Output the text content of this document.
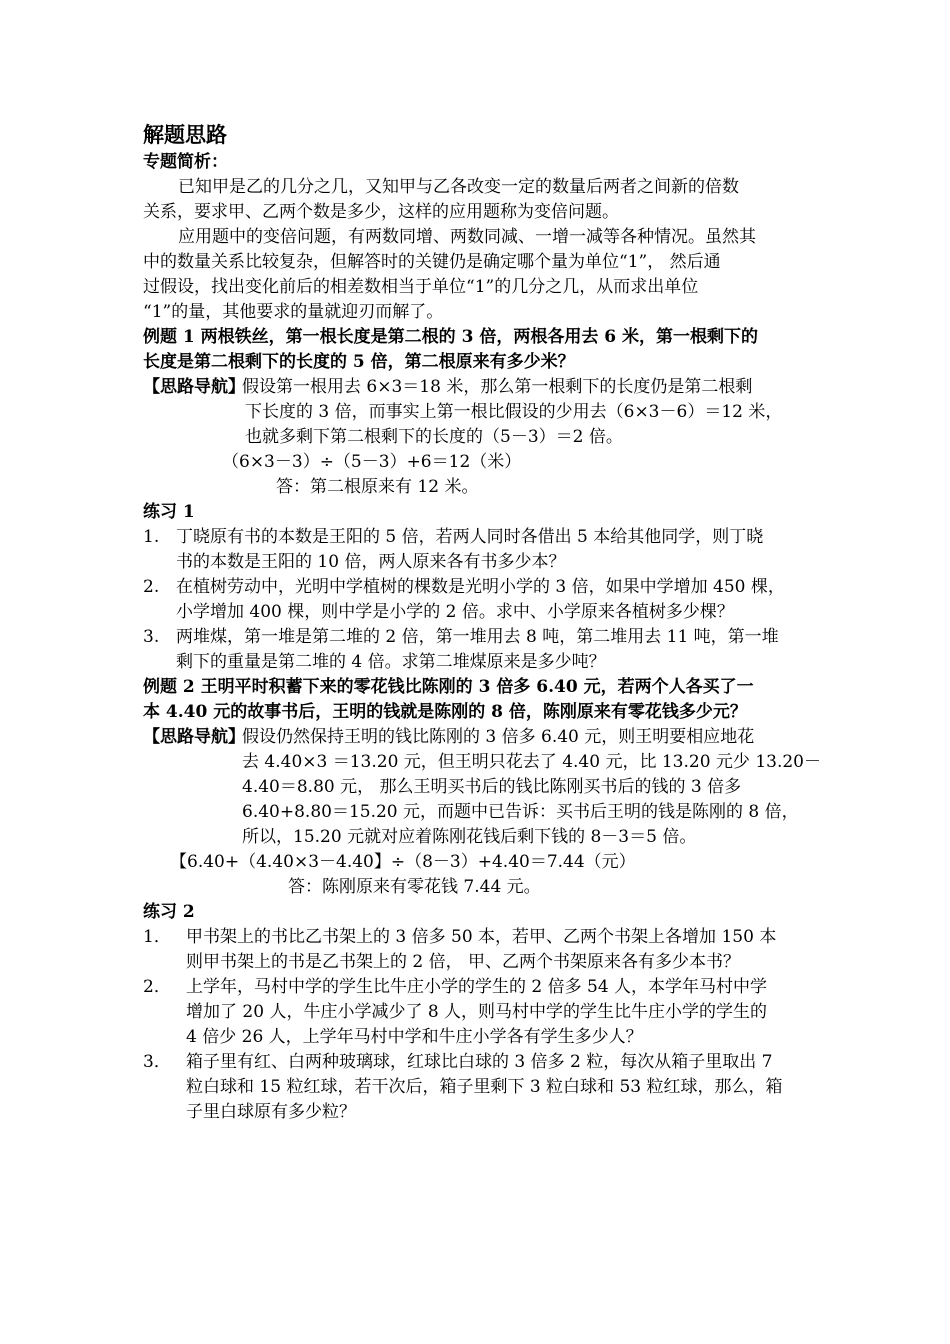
解题思路
专题简析：
已知甲是乙的几分之几，又知甲与乙各改变一定的数量后两者之间新的倍数
关系，要求甲、乙两个数是多少，这样的应用题称为变倍问题。
应用题中的变倍问题，有两数同增、两数同减、一增一减等各种情况。虽然其
中的数量关系比较复杂，但解答时的关键仍是确定哪个量为单位“1”， 然后通
过假设，找出变化前后的相差数相当于单位“1”的几分之几，从而求出单位
“1”的量，其他要求的量就迎刃而解了。
例题 1 两根铁丝，第一根长度是第二根的 3 倍，两根各用去 6 米，第一根剩下的
长度是第二根剩下的长度的 5 倍，第二根原来有多少米？
【思路导航】
假设第一根用去 6×3＝18 米，那么第一根剩下的长度仍是第二根剩
下长度的 3 倍，而事实上第一根比假设的少用去（6×3－6）＝12 米，
也就多剩下第二根剩下的长度的（5－3）＝2 倍。
（6×3－3）÷（5－3）+6＝12（米）
答：第二根原来有 12 米。
练习 1
1. 丁晓原有书的本数是王阳的 5 倍，若两人同时各借出 5 本给其他同学，则丁晓
书的本数是王阳的 10 倍，两人原来各有书多少本？
2. 在植树劳动中，光明中学植树的棵数是光明小学的 3 倍，如果中学增加 450 棵，
小学增加 400 棵，则中学是小学的 2 倍。求中、小学原来各植树多少棵？
3. 两堆煤，第一堆是第二堆的 2 倍，第一堆用去 8 吨，第二堆用去 11 吨，第一堆
剩下的重量是第二堆的 4 倍。求第二堆煤原来是多少吨？
例题 2 王明平时积蓄下来的零花钱比陈刚的 3 倍多 6.40 元，若两个人各买了一
本 4.40 元的故事书后，王明的钱就是陈刚的 8 倍，陈刚原来有零花钱多少元？
【思路导航】
假设仍然保持王明的钱比陈刚的 3 倍多 6.40 元，则王明要相应地花
去 4.40×3 ＝13.20 元，但王明只花去了 4.40 元，比 13.20 元少 13.20－
4.40＝8.80 元， 那么王明买书后的钱比陈刚买书后的钱的 3 倍多
6.40+8.80＝15.20 元，而题中已告诉：买书后王明的钱是陈刚的 8 倍，
所以，15.20 元就对应着陈刚花钱后剩下钱的 8－3＝5 倍。
【6.40+（4.40×3－4.40】÷（8－3）+4.40＝7.44（元）
答：陈刚原来有零花钱 7.44 元。
练习 2
1． 甲书架上的书比乙书架上的 3 倍多 50 本，若甲、乙两个书架上各增加 150 本
则甲书架上的书是乙书架上的 2 倍， 甲、乙两个书架原来各有多少本书？
2． 上学年，马村中学的学生比牛庄小学的学生的 2 倍多 54 人，本学年马村中学
增加了 20 人，牛庄小学减少了 8 人，则马村中学的学生比牛庄小学的学生的
4 倍少 26 人，上学年马村中学和牛庄小学各有学生多少人？
3． 箱子里有红、白两种玻璃球，红球比白球的 3 倍多 2 粒，每次从箱子里取出 7
粒白球和 15 粒红球，若干次后，箱子里剩下 3 粒白球和 53 粒红球，那么，箱
子里白球原有多少粒？
